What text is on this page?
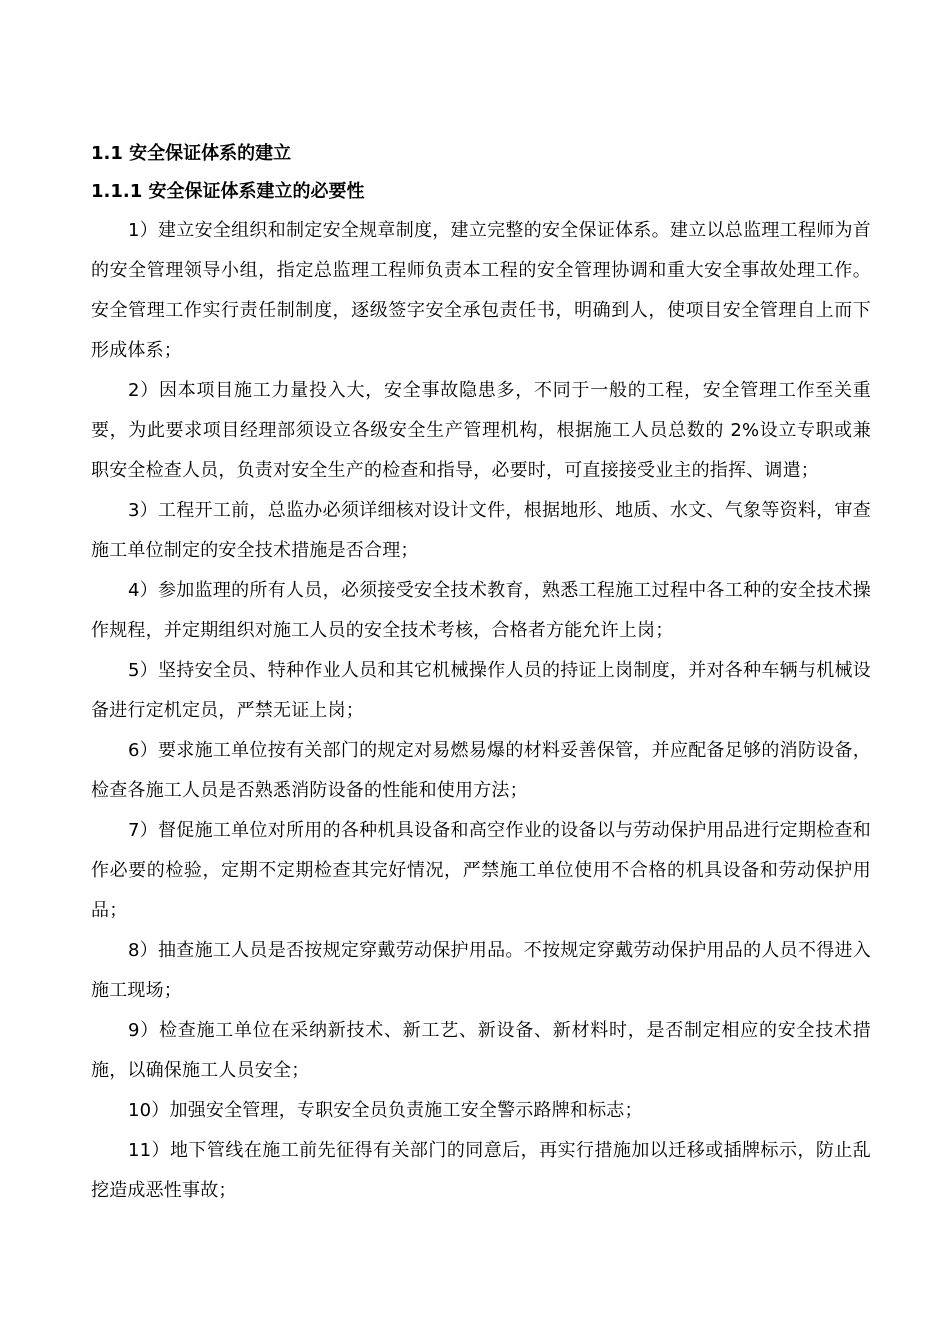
1.1 安全保证体系的建立
1.1.1 安全保证体系建立的必要性

1）建立安全组织和制定安全规章制度，建立完整的安全保证体系。建立以总监理工程师为首的安全管理领导小组，指定总监理工程师负责本工程的安全管理协调和重大安全事故处理工作。安全管理工作实行责任制制度，逐级签字安全承包责任书，明确到人，使项目安全管理自上而下形成体系；

2）因本项目施工力量投入大，安全事故隐患多，不同于一般的工程，安全管理工作至关重要，为此要求项目经理部须设立各级安全生产管理机构，根据施工人员总数的 2%设立专职或兼职安全检查人员，负责对安全生产的检查和指导，必要时，可直接接受业主的指挥、调遣；

3）工程开工前，总监办必须详细核对设计文件，根据地形、地质、水文、气象等资料，审查施工单位制定的安全技术措施是否合理；

4）参加监理的所有人员，必须接受安全技术教育，熟悉工程施工过程中各工种的安全技术操作规程，并定期组织对施工人员的安全技术考核，合格者方能允许上岗；

5）坚持安全员、特种作业人员和其它机械操作人员的持证上岗制度，并对各种车辆与机械设备进行定机定员，严禁无证上岗；

6）要求施工单位按有关部门的规定对易燃易爆的材料妥善保管，并应配备足够的消防设备，检查各施工人员是否熟悉消防设备的性能和使用方法；

7）督促施工单位对所用的各种机具设备和高空作业的设备以与劳动保护用品进行定期检查和作必要的检验，定期不定期检查其完好情况，严禁施工单位使用不合格的机具设备和劳动保护用品；

8）抽查施工人员是否按规定穿戴劳动保护用品。不按规定穿戴劳动保护用品的人员不得进入施工现场；

9）检查施工单位在采纳新技术、新工艺、新设备、新材料时，是否制定相应的安全技术措施，以确保施工人员安全；

10）加强安全管理，专职安全员负责施工安全警示路牌和标志；

11）地下管线在施工前先征得有关部门的同意后，再实行措施加以迁移或插牌标示，防止乱挖造成恶性事故；
